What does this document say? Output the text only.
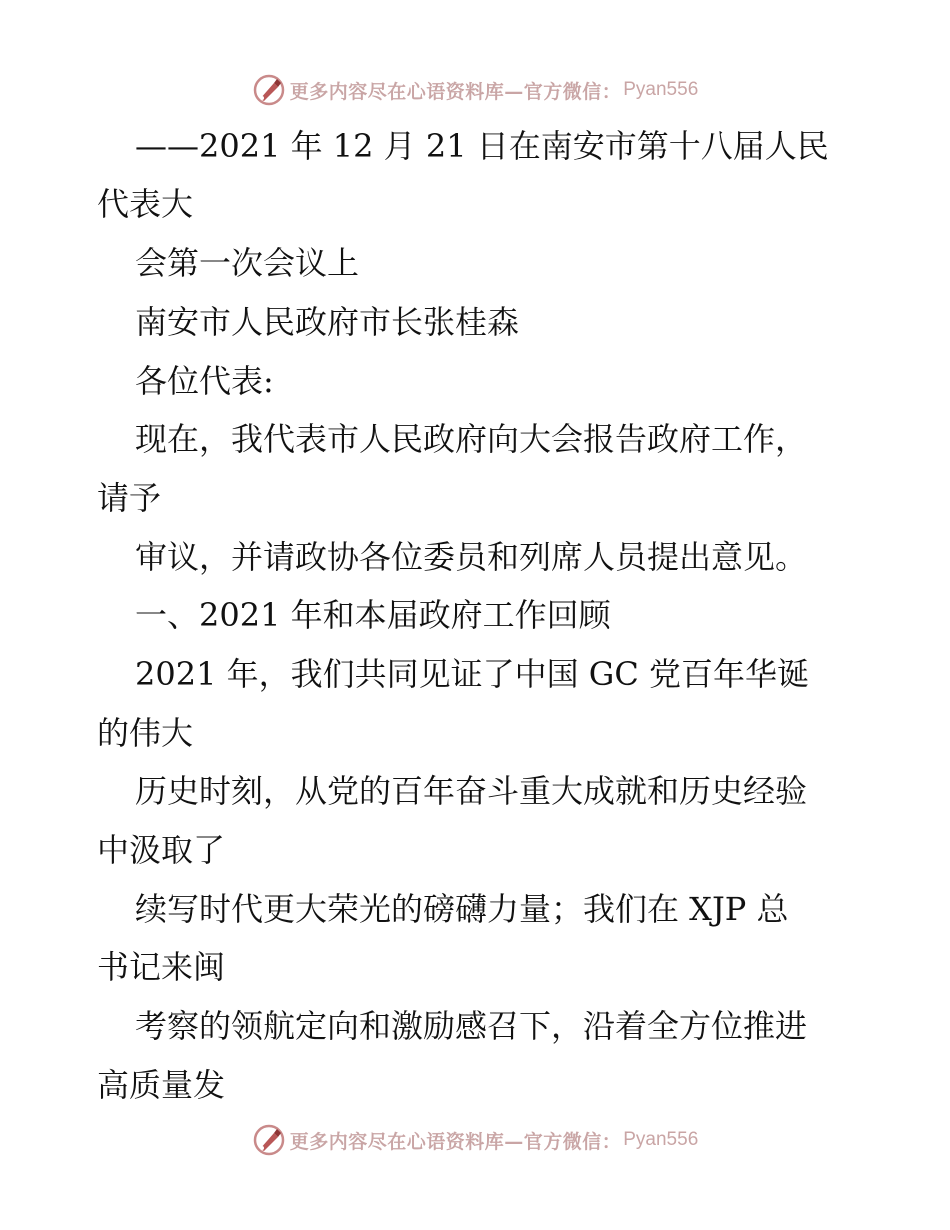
更多内容尽在心语资料库—官方微信： Pyan556
——2021 年 12 月 21 日在南安市第十八届人民
代表大
会第一次会议上
南安市人民政府市长张桂森
各位代表:
现在，我代表市人民政府向大会报告政府工作，
请予
审议，并请政协各位委员和列席人员提出意见。
一、2021 年和本届政府工作回顾
2021 年，我们共同见证了中国 GC 党百年华诞
的伟大
历史时刻，从党的百年奋斗重大成就和历史经验
中汲取了
续写时代更大荣光的磅礴力量；我们在 XJP 总
书记来闽
考察的领航定向和激励感召下，沿着全方位推进
高质量发
更多内容尽在心语资料库—官方微信： Pyan556
